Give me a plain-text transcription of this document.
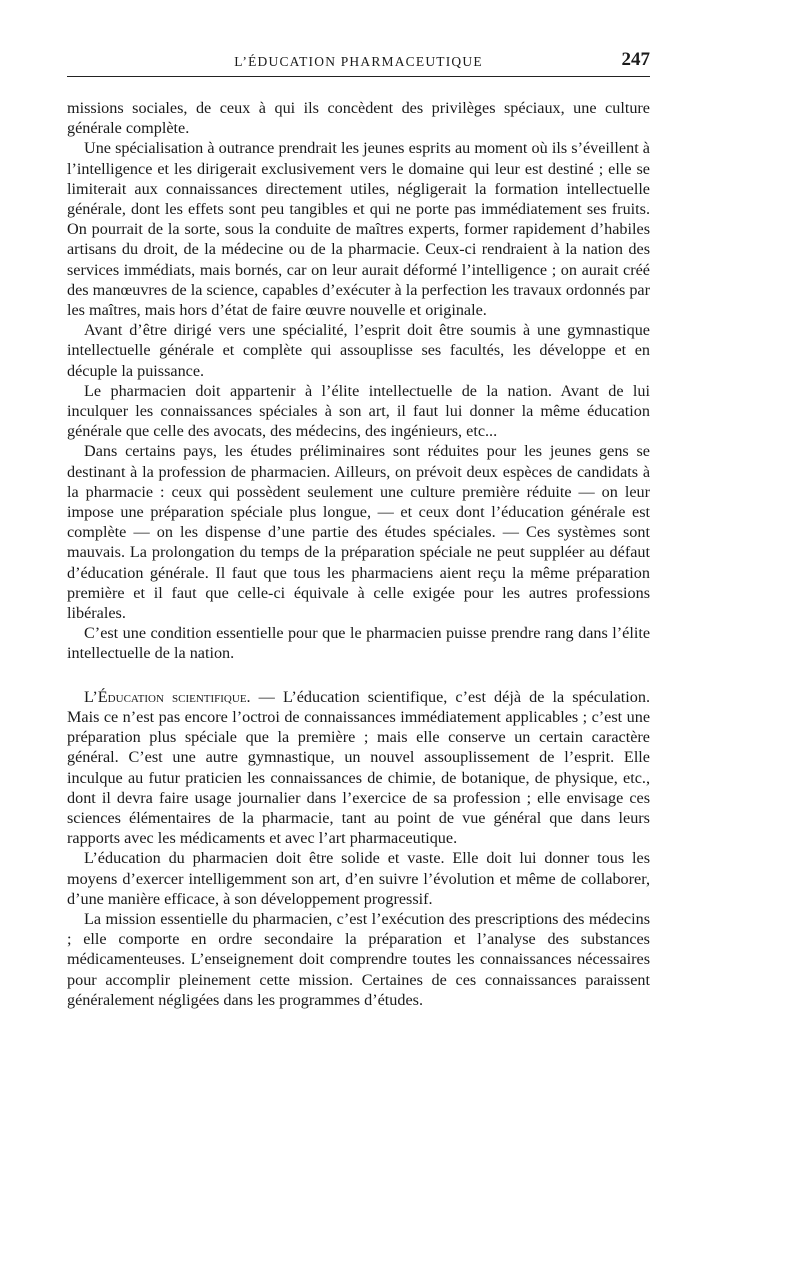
L’ÉDUCATION PHARMACEUTIQUE	247

missions sociales, de ceux à qui ils concèdent des privilèges spéciaux, une culture générale complète.

Une spécialisation à outrance prendrait les jeunes esprits au moment où ils s’éveillent à l’intelligence et les dirigerait exclusivement vers le domaine qui leur est destiné ; elle se limiterait aux connaissances directement utiles, négligerait la formation intellectuelle générale, dont les effets sont peu tangibles et qui ne porte pas immédiatement ses fruits. On pourrait de la sorte, sous la conduite de maîtres experts, former rapidement d’habiles artisans du droit, de la médecine ou de la pharmacie. Ceux-ci rendraient à la nation des services immédiats, mais bornés, car on leur aurait déformé l’intelligence ; on aurait créé des manœuvres de la science, capables d’exécuter à la perfection les travaux ordonnés par les maîtres, mais hors d’état de faire œuvre nouvelle et originale.

Avant d’être dirigé vers une spécialité, l’esprit doit être soumis à une gymnastique intellectuelle générale et complète qui assouplisse ses facultés, les développe et en décuple la puissance.

Le pharmacien doit appartenir à l’élite intellectuelle de la nation. Avant de lui inculquer les connaissances spéciales à son art, il faut lui donner la même éducation générale que celle des avocats, des médecins, des ingénieurs, etc...

Dans certains pays, les études préliminaires sont réduites pour les jeunes gens se destinant à la profession de pharmacien. Ailleurs, on prévoit deux espèces de candidats à la pharmacie : ceux qui possèdent seulement une culture première réduite — on leur impose une préparation spéciale plus longue, — et ceux dont l’éducation générale est complète — on les dispense d’une partie des études spéciales. — Ces systèmes sont mauvais. La prolongation du temps de la préparation spéciale ne peut suppléer au défaut d’éducation générale. Il faut que tous les pharmaciens aient reçu la même préparation première et il faut que celle-ci équivale à celle exigée pour les autres professions libérales.

C’est une condition essentielle pour que le pharmacien puisse prendre rang dans l’élite intellectuelle de la nation.

L’Éducation scientifique. — L’éducation scientifique, c’est déjà de la spéculation. Mais ce n’est pas encore l’octroi de connaissances immédiatement applicables ; c’est une préparation plus spéciale que la première ; mais elle conserve un certain caractère général. C’est une autre gymnastique, un nouvel assouplissement de l’esprit. Elle inculque au futur praticien les connaissances de chimie, de botanique, de physique, etc., dont il devra faire usage journalier dans l’exercice de sa profession ; elle envisage ces sciences élémentaires de la pharmacie, tant au point de vue général que dans leurs rapports avec les médicaments et avec l’art pharmaceutique.

L’éducation du pharmacien doit être solide et vaste. Elle doit lui donner tous les moyens d’exercer intelligemment son art, d’en suivre l’évolution et même de collaborer, d’une manière efficace, à son développement progressif.

La mission essentielle du pharmacien, c’est l’exécution des prescriptions des médecins ; elle comporte en ordre secondaire la préparation et l’analyse des substances médicamenteuses. L’enseignement doit comprendre toutes les connaissances nécessaires pour accomplir pleinement cette mission. Certaines de ces connaissances paraissent généralement négligées dans les programmes d’études.
